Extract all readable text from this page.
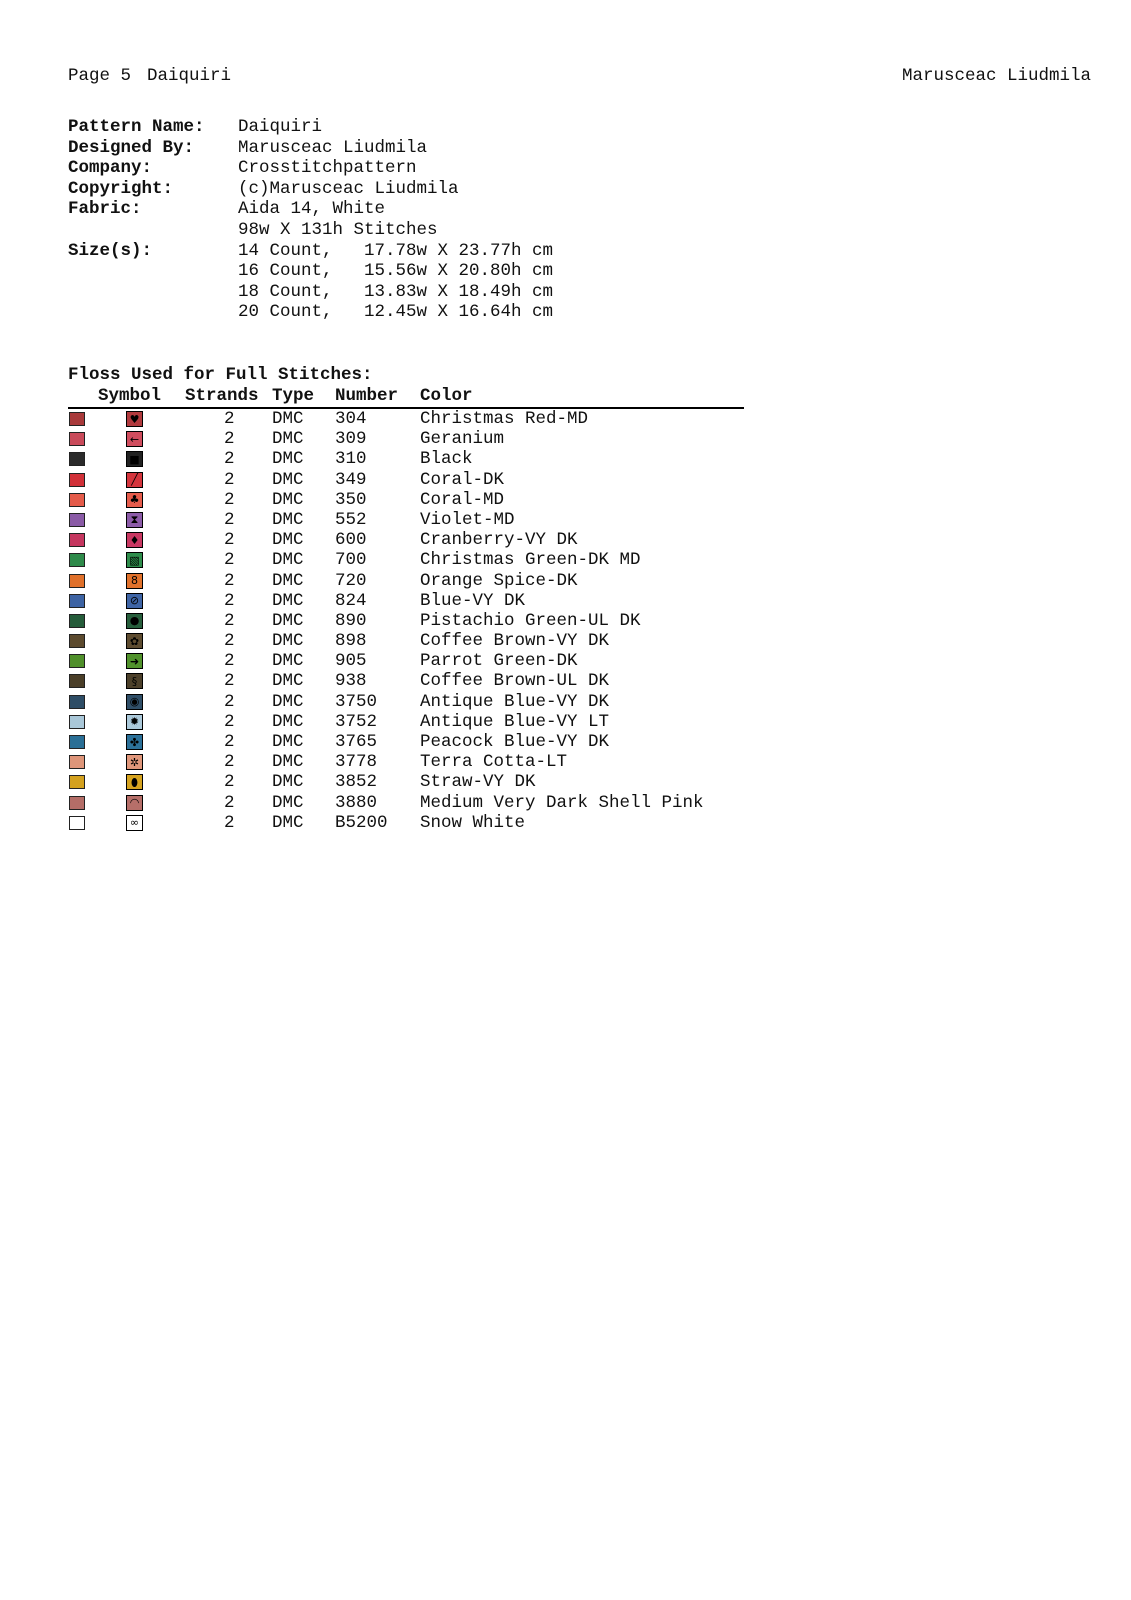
Page 5 Daiquiri	Marusceac Liudmila
Pattern Name: Daiquiri
Designed By:	Marusceac Liudmila
Company:	Crosstitchpattern
Copyright:	(c)Marusceac Liudmila
Fabric:	Aida 14, White
98w X 131h Stitches
Size(s):	14 Count,   17.78w X 23.77h cm
16 Count,   15.56w X 20.80h cm
18 Count,   13.83w X 18.49h cm
20 Count,   12.45w X 16.64h cm
Floss Used for Full Stitches:
Symbol Strands Type Number Color
♥	2 DMC 304	Christmas Red-MD
←	2 DMC 309	Geranium
■	2 DMC 310	Black
╱	2 DMC 349	Coral-DK
♣	2 DMC 350	Coral-MD
⧗	2 DMC 552	Violet-MD
♦	2 DMC 600	Cranberry-VY DK
▧	2 DMC 700	Christmas Green-DK MD
8	2 DMC 720	Orange Spice-DK
⊘	2 DMC 824	Blue-VY DK
●	2 DMC 890	Pistachio Green-UL DK
✿	2 DMC 898	Coffee Brown-VY DK
➜	2 DMC 905	Parrot Green-DK
§	2 DMC 938	Coffee Brown-UL DK
◉	2 DMC 3750 Antique Blue-VY DK
✹	2 DMC 3752 Antique Blue-VY LT
✤	2 DMC 3765 Peacock Blue-VY DK
✲	2 DMC 3778 Terra Cotta-LT
⬮	2 DMC 3852 Straw-VY DK
◠	2 DMC 3880 Medium Very Dark Shell Pink
∞	2 DMC B5200 Snow White
